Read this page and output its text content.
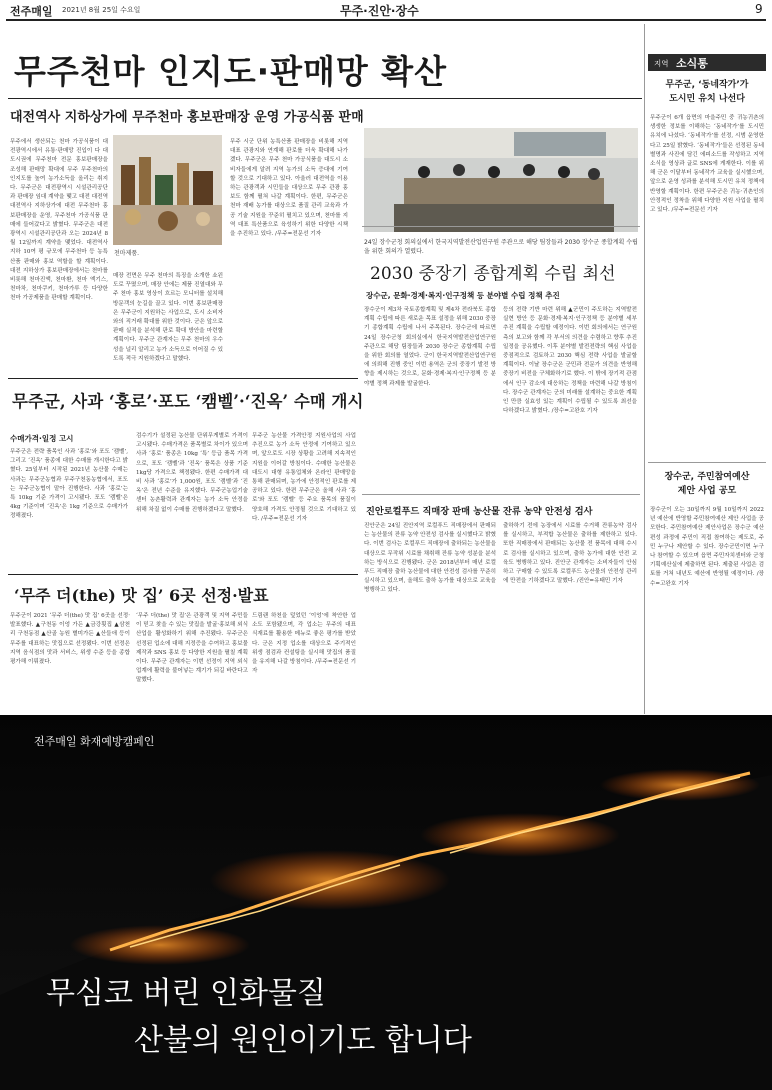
전주매일 2021년 8월 25일 수요일	무주·진안·장수	9
무주천마 인지도·판매망 확산
대전역사 지하상가에 무주천마 홍보판매장 운영 가공식품 판매

무주에서 생산되는 천마 가공식품이 대전광역시에서 유통·판매망 진입이 다 대도시권에 무주천마 전문 홍보판매장을 조성해 판매망 확대에 무주 무주천마의 인지도를 높여 농가소득을 올리는 취지다. 무주군은 대전광역시 시설관리공단과 판매장 임대 계약을 맺고 대전 대전역 대전역사 지하상가에 대전 무주천마 홍보판매장을 운영, 무주천마 가공식품 판매에 들어갔다고 밝혔다. 무주군은 대전광역시 시설관리공단과 오는 2024년 8월 12일까지 계약을 맺었다. 대전역사 지하 10여 평 규모에 무주천마 등 농특산품 판매와 홍보 역할을 할 계획이다. 대전 지하상가 홍보판매장에서는 천마를 비롯해 천마진액, 천마환, 천마 엑기스, 천마차, 천마쿠키, 천마가루 등 다양한 천마 가공제품을 판매할 계획이다.

천마제품.

매장 전면은 무주 천마의 특징을 소개한 쇼윈도로 꾸몄으며, 매장 안에는 제품 진열대와 무주 천마 홍보 영상이 흐르는 모니터를 설치해 방문객의 눈길을 끌고 있다. 이번 홍보판매장은 무주군이 지원하는 사업으로, 도시 소비자와의 직거래 확대를 위한 것이다. 군은 앞으로 판매 실적을 분석해 판로 확대 방안을 마련할 계획이다. 무주군 관계자는 무주 천마의 우수성을 널리 알리고 농가 소득으로 이어질 수 있도록 적극 지원하겠다고 말했다.

무주 시군 단위 농특산품 판매장을 비롯해 지역 대표 관광지와 연계해 판로를 더욱 확대해 나가겠다. 무주군은 무주 천마 가공식품을 대도시 소비자들에게 알려 지역 농가의 소득 증대에 기여할 것으로 기대하고 있다. 아울러 대전역을 이용하는 관광객과 시민들을 대상으로 무주 관광 홍보도 함께 펼쳐 나갈 계획이다. 한편, 무주군은 천마 재배 농가를 대상으로 품질 관리 교육과 가공 기술 지원을 꾸준히 펼치고 있으며, 천마를 지역 대표 특산품으로 육성하기 위한 다양한 시책을 추진하고 있다. /무주=전문선 기자

24일 장수군청 회의실에서 한국지역발전산업연구원 주관으로 해당 팀장들과 2030 장수군 종합계획 수립을 위한 회의가 열렸다.
2030 중장기 종합계획 수립 최선
장수군, 문화·경제·복지·인구정책 등 분야별 수립 정책 추진

장수군이 제3차 국토종합계획 및 제4차 전라북도 종합계획 수립에 따른 새로운 목표 설정을 위해 2030 중장기 종합계획 수립에 나서 주목된다. 장수군에 따르면 24일 장수군청 회의실에서 한국지역발전산업연구원 주관으로 해당 팀장들과 2030 장수군 종합계획 수립을 위한 회의를 열었다. 군이 한국지역발전산업연구원에 의뢰해 진행 중인 이번 용역은 군의 중장기 발전 방향을 제시하는 것으로, 문화·경제·복지·인구정책 등 분야별 정책 과제를 발굴한다.

등의 전략 기반 마련 위해 ▲군민이 주도하는 지역발전 실현 방안 등 문화·경제·복지·인구정책 등 분야별 세부 추진 계획을 수립할 예정이다. 이번 회의에서는 연구원 측의 보고와 함께 각 부서의 의견을 수렴하고 향후 추진 일정을 공유했다. 이후 분야별 발전전략의 핵심 사업을 중점적으로 검토하고 2030 핵심 전략 사업을 발굴할 계획이다. 이날 장수군은 군민과 전문가 의견을 반영해 중장기 비전을 구체화하기로 했다. 이 밖에 장기적 관점에서 인구 감소에 대응하는 정책을 마련해 나갈 방침이다. 장수군 관계자는 군의 미래를 설계하는 중요한 계획인 만큼 실효성 있는 계획이 수립될 수 있도록 최선을 다하겠다고 밝혔다. /장수=고완호 기자

무주군, 사과 ‘홍로’·포도 ‘캠벨’·‘진옥’ 수매 개시
수매가격·일정 고시

무주군은 전략 품목인 사과 ‘홍로’와 포도 ‘캠벨’, 그리고 ‘진옥’ 품종에 대한 수매를 개시한다고 밝혔다. 25일부터 시작된 2021년 농산물 수매는 사과는 무주군농협과 무주구천동농협에서, 포도는 무주군농협이 맡아 진행한다. 사과 ‘홍로’는 특 10kg 기준 가격이 고시됐다. 포도 ‘캠벨’은 4kg 기준이며 ‘진옥’은 1kg 기준으로 수매가가 정해졌다.

검수기가 설정된 농산물 단위무게별로 가격이 고시됐다. 수매가격은 품목별로 차이가 있으며 사과 ‘홍로’ 품종은 10kg ‘특’ 등급 품목 가격으로, 포도 ‘캠벨’과 ‘진옥’ 품목은 상품 기준 1kg당 가격으로 책정됐다. 한편 수매가격 대비 사과 ‘홍로’가 1,000원, 포도 ‘캠벨’과 ‘진옥’은 전년 수준을 유지했다. 무주군농업기술센터 농촌활력과 관계자는 농가 소득 안정을 위해 차질 없이 수매를 진행하겠다고 말했다.

무주군 농산물 가격안정 지원사업의 사업 추진으로 농가 소득 안정에 기여하고 있으며, 앞으로도 시장 상황을 고려해 지속적인 지원을 이어갈 방침이다. 수매한 농산물은 대도시 대형 유통업체와 온라인 판매망을 통해 판매되며, 농가에 안정적인 판로를 제공하고 있다. 한편 무주군은 올해 사과 ‘홍로’와 포도 ‘캠벨’ 등 주요 품목의 품질이 양호해 가격도 안정될 것으로 기대하고 있다. /무주=전문선 기자

진안로컬푸드 직매장 판매 농산물 잔류 농약 안전성 검사

진안군은 24일 진안지역 로컬푸드 직매장에서 판매되는 농산물의 잔류 농약 안전성 검사를 실시했다고 밝혔다. 이번 검사는 로컬푸드 직매장에 출하되는 농산물을 대상으로 무작위 시료를 채취해 잔류 농약 성분을 분석하는 방식으로 진행됐다. 군은 2018년부터 매년 로컬푸드 직매장 출하 농산물에 대한 안전성 검사를 꾸준히 실시하고 있으며, 올해도 출하 농가를 대상으로 교육을 병행하고 있다.

출하하기 전에 농장에서 시료를 수거해 잔류농약 검사를 실시하고, 부적합 농산물은 출하를 제한하고 있다. 또한 직매장에서 판매되는 농산물 전 품목에 대해 수시로 검사를 실시하고 있으며, 출하 농가에 대한 안전 교육도 병행하고 있다. 진안군 관계자는 소비자들이 안심하고 구매할 수 있도록 로컬푸드 농산물의 안전성 관리에 만전을 기하겠다고 말했다. /진안=유태민 기자

‘무주 더(the) 맛 집’ 6곳 선정·발표

무주군이 2021 ‘무주 더(the) 맛 집’ 6곳을 선정·발표했다. ▲구천동 이엉 가든 ▲금강횟집 ▲삼천리 구천동점 ▲산골 농원 별미가든 ▲산들애 등이 무주를 대표하는 맛집으로 선정됐다. 이번 선정은 지역 음식점의 맛과 서비스, 위생 수준 등을 종합 평가해 이뤄졌다.

‘무주 더(the) 맛 집’은 관광객 및 지역 주민들이 믿고 찾을 수 있는 맛집을 발굴·홍보해 외식 산업을 활성화하기 위해 추진됐다. 무주군은 선정된 업소에 대해 지정증을 수여하고 홍보물 제작과 SNS 홍보 등 다양한 지원을 펼칠 계획이다. 무주군 관계자는 이번 선정이 지역 외식업계에 활력을 불어넣는 계기가 되길 바란다고 말했다.

드림랜 하천을 덮었던 ‘이엉’에 착안한 업소도 포함됐으며, 각 업소는 무주의 대표 식재료를 활용한 메뉴로 좋은 평가를 받았다. 군은 지정 업소를 대상으로 주기적인 위생 점검과 컨설팅을 실시해 맛집의 품질을 유지해 나갈 방침이다. /무주=전문선 기자

지역 소식통
무주군, ‘동네작가’가
도시민 유치 나선다

무주군이 6개 읍면의 마을주민 중 귀농귀촌의 생생한 정보를 이해하는 ‘동네작가’를 도시민 유치에 나섰다. ‘동네작가’를 선정, 시범 운영한다고 25일 밝혔다. ‘동네작가’들은 선정된 동네 별명과 사진에 담긴 에피소드를 작성하고 지역 소식을 영상과 글로 SNS에 게재한다. 이를 위해 군은 이달부터 동네작가 교육을 실시했으며, 앞으로 운영 성과를 분석해 도시민 유치 정책에 반영할 계획이다. 한편 무주군은 귀농·귀촌인의 안정적인 정착을 위해 다양한 지원 사업을 펼치고 있다. /무주=전문선 기자

장수군, 주민참여예산
제안 사업 공모

장수군이 오는 30일까지 9월 10일까지 2022년 예산에 반영할 주민참여예산 제안 사업을 공모한다. 주민참여예산 제안사업은 장수군 예산 편성 과정에 주민이 직접 참여하는 제도로, 주민 누구나 제안할 수 있다. 장수군민이면 누구나 참여할 수 있으며 읍면 주민자치센터와 군청 기획예산실에 제출하면 된다. 제출된 사업은 검토를 거쳐 내년도 예산에 반영될 예정이다. /장수=고완호 기자

전주매일 화재예방캠페인
무심코 버린 인화물질
산불의 원인이기도 합니다
